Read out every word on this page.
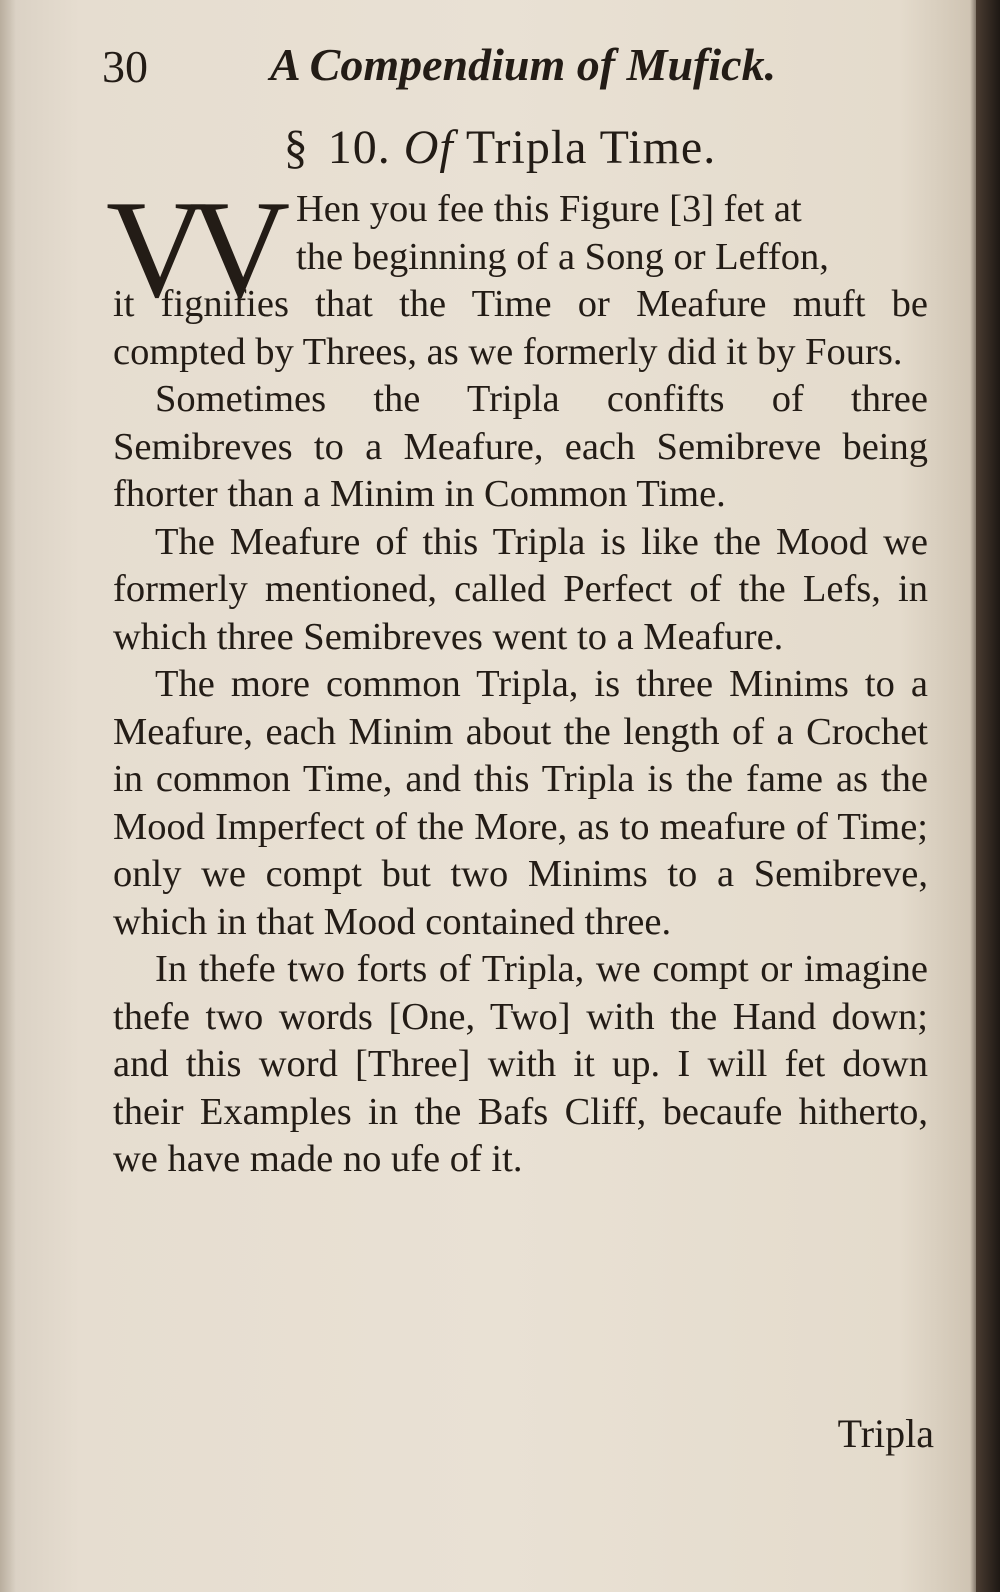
30	A Compendium of Mufick.
§ 10. Of Tripla Time.
VV Hen you fee this Figure [3] fet at

the beginning of a Song or Leffon,

it fignifies that the Time or Meafure muft be compted by Threes, as we formerly did it by Fours.

Sometimes the Tripla confifts of three Semibreves to a Meafure, each Semibreve being fhorter than a Minim in Common Time.

The Meafure of this Tripla is like the Mood we formerly mentioned, called Perfect of the Lefs, in which three Semibreves went to a Meafure.

The more common Tripla, is three Minims to a Meafure, each Minim about the length of a Crochet in common Time, and this Tripla is the fame as the Mood Imperfect of the More, as to meafure of Time; only we compt but two Minims to a Semibreve, which in that Mood contained three.

In thefe two forts of Tripla, we compt or imagine thefe two words [One, Two] with the Hand down; and this word [Three] with it up. I will fet down their Examples in the Bafs Cliff, becaufe hitherto, we have made no ufe of it.

Tripla
